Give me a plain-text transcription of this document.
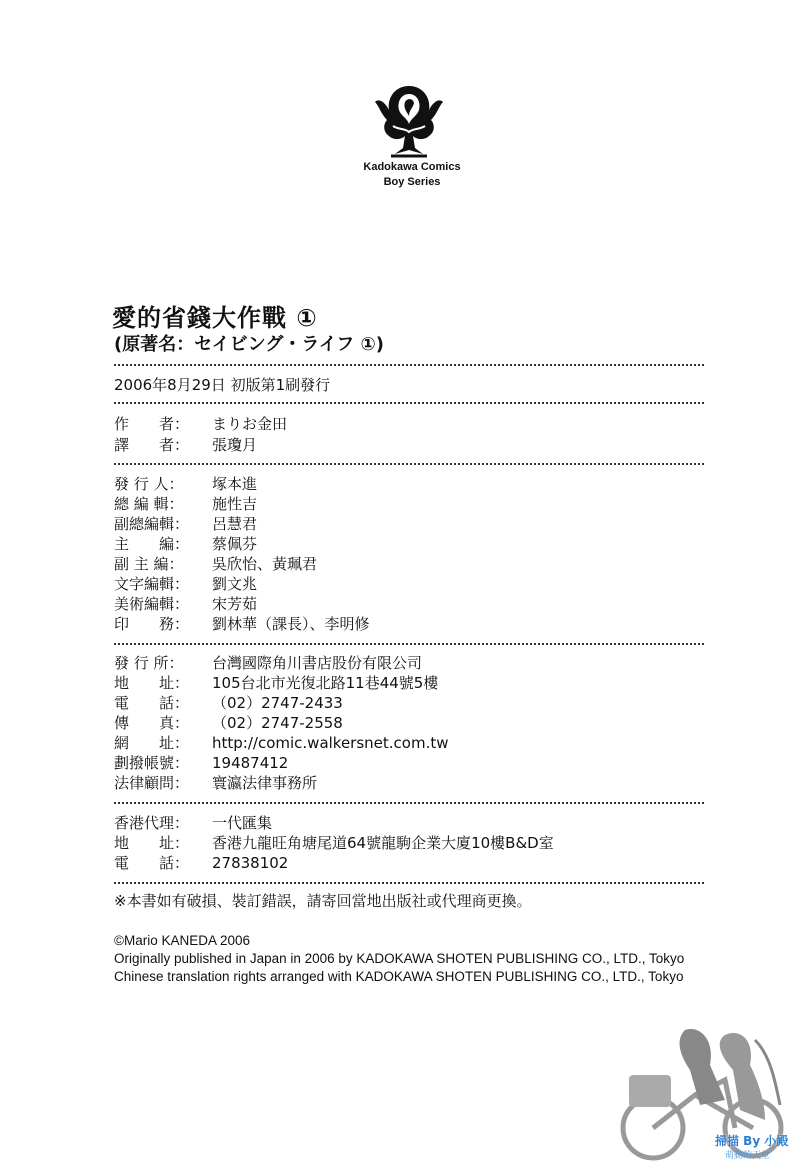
Kadokawa Comics
Boy Series
愛的省錢大作戰 ①
(原著名：セイビング・ライフ ①)
2006年8月29日 初版第1刷發行
作　　者： まりお金田
譯　　者： 張瓊月
發 行 人： 塚本進
總 編 輯： 施性吉
副總編輯： 呂慧君
主　　編： 蔡佩芬
副 主 編： 吳欣怡、黃珮君
文字編輯： 劉文兆
美術編輯： 宋芳茹
印　　務： 劉林華（課長）、李明修
發 行 所： 台灣國際角川書店股份有限公司
地　　址： 105台北市光復北路11巷44號5樓
電　　話： （02）2747-2433
傳　　真： （02）2747-2558
網　　址： http://comic.walkersnet.com.tw
劃撥帳號： 19487412
法律顧問： 寰瀛法律事務所
香港代理： 一代匯集
地　　址： 香港九龍旺角塘尾道64號龍駒企業大廈10樓B&D室
電　　話： 27838102
※本書如有破損、裝訂錯誤，請寄回當地出版社或代理商更換。
©Mario KANEDA 2006
Originally published in Japan in 2006 by KADOKAWA SHOTEN PUBLISHING CO., LTD., Tokyo
Chinese translation rights arranged with KADOKAWA SHOTEN PUBLISHING CO., LTD., Tokyo
掃描 By 小殿
萌動的天堂
